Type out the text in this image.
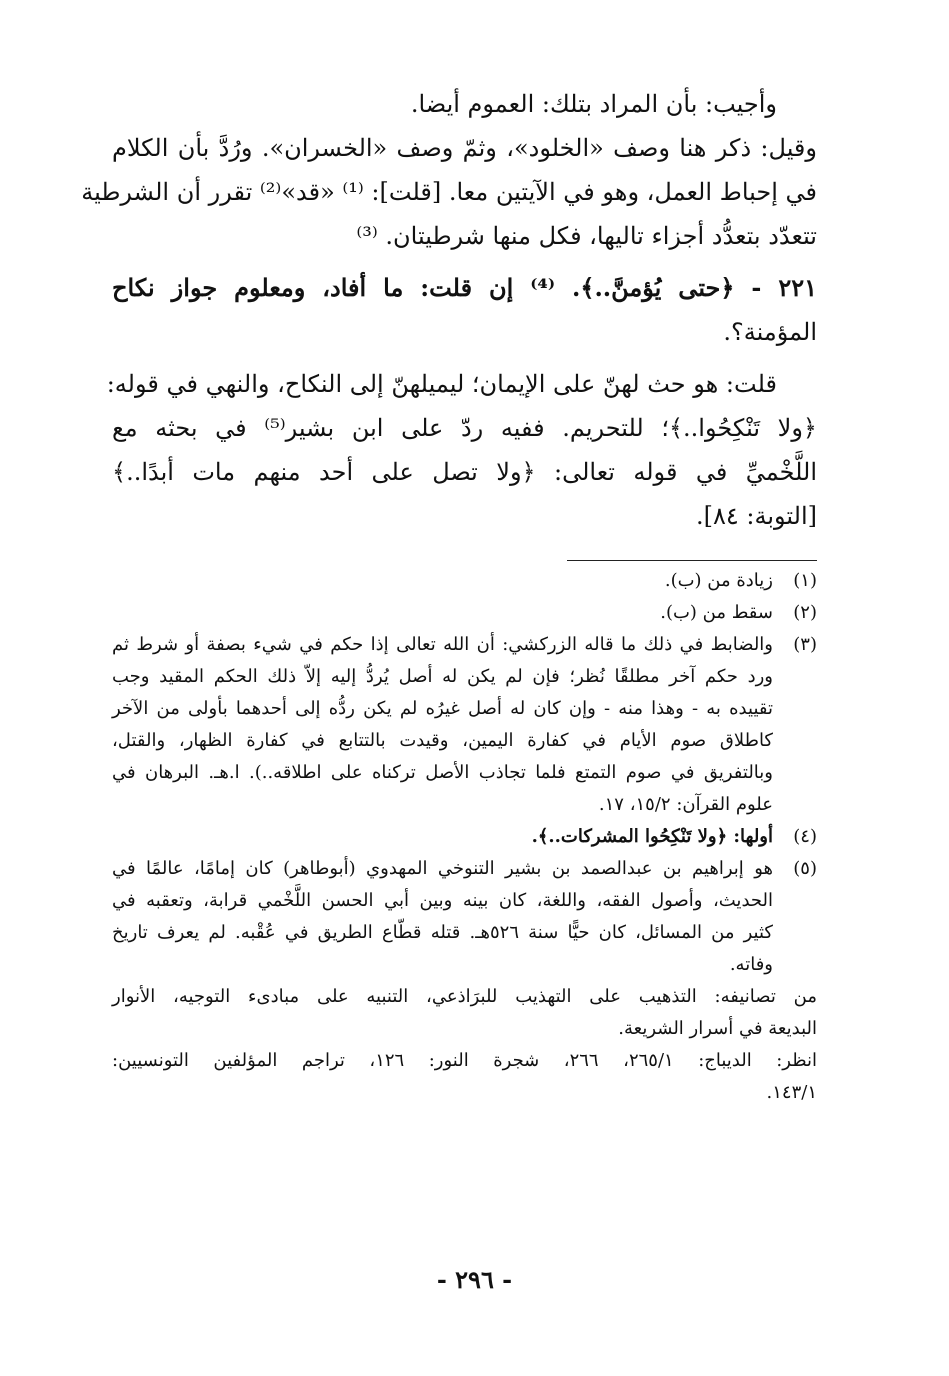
وأجيب: بأن المراد بتلك: العموم أيضا.
وقيل: ذكر هنا وصف «الخلود»، وثمّ وصف «الخسران». ورُدَّ بأن الكلام
في إحباط العمل، وهو في الآيتين معا. [قلت]: ⁽¹⁾ «قد»⁽²⁾ تقرر أن الشرطية
تتعدّد بتعدُّد أجزاء تاليها، فكل منها شرطيتان. ⁽³⁾
٢٢١ - ﴿حتى يُؤمنَّ..﴾. ⁽⁴⁾ إن قلت: ما أفاد، ومعلوم جواز نكاح
المؤمنة؟.
قلت: هو حث لهنّ على الإيمان؛ ليميلهنّ إلى النكاح، والنهي في قوله:
﴿ولا تَنْكِحُوا..﴾؛ للتحريم. ففيه ردّ على ابن بشير⁽⁵⁾ في بحثه مع
اللَّخْميِّ في قوله تعالى: ﴿ولا تصل على أحد منهم مات أبدًا..﴾
[التوبة: ٨٤].
(١)
زيادة من (ب).
(٢)
سقط من (ب).
(٣)
والضابط في ذلك ما قاله الزركشي: أن الله تعالى إذا حكم في شيء بصفة أو شرط ثم
ورد حكم آخر مطلقًا نُظر؛ فإن لم يكن له أصل يُردُّ إليه إلاّ ذلك الحكم المقيد وجب
تقييده به - وهذا منه - وإن كان له أصل غيرُه لم يكن ردُّه إلى أحدهما بأولى من الآخر
كاطلاق صوم الأيام في كفارة اليمين، وقيدت بالتتابع في كفارة الظهار، والقتل،
وبالتفريق في صوم التمتع فلما تجاذب الأصل تركناه على اطلاقه..). ا.هـ. البرهان في
علوم القرآن: ١٥/٢، ١٧.
(٤)
أولها: ﴿ولا تَنْكِحُوا المشركات..﴾.
(٥)
هو إبراهيم بن عبدالصمد بن بشير التنوخي المهدوي (أبوطاهر) كان إمامًا، عالمًا في
الحديث، وأصول الفقه، واللغة، كان بينه وبين أبي الحسن اللَّخْمي قرابة، وتعقبه في
كثير من المسائل، كان حيًّا سنة ٥٢٦هـ. قتله قطّاع الطريق في عُقْبه. لم يعرف تاريخ
وفاته.
من تصانيفه: التذهيب على التهذيب للبرَاذعي، التنبيه على مبادىء التوجيه، الأنوار
البديعة في أسرار الشريعة.
انظر: الديباج: ٢٦٥/١، ٢٦٦، شجرة النور: ١٢٦، تراجم المؤلفين التونسيين:
١٤٣/١.
- ٢٩٦ -
